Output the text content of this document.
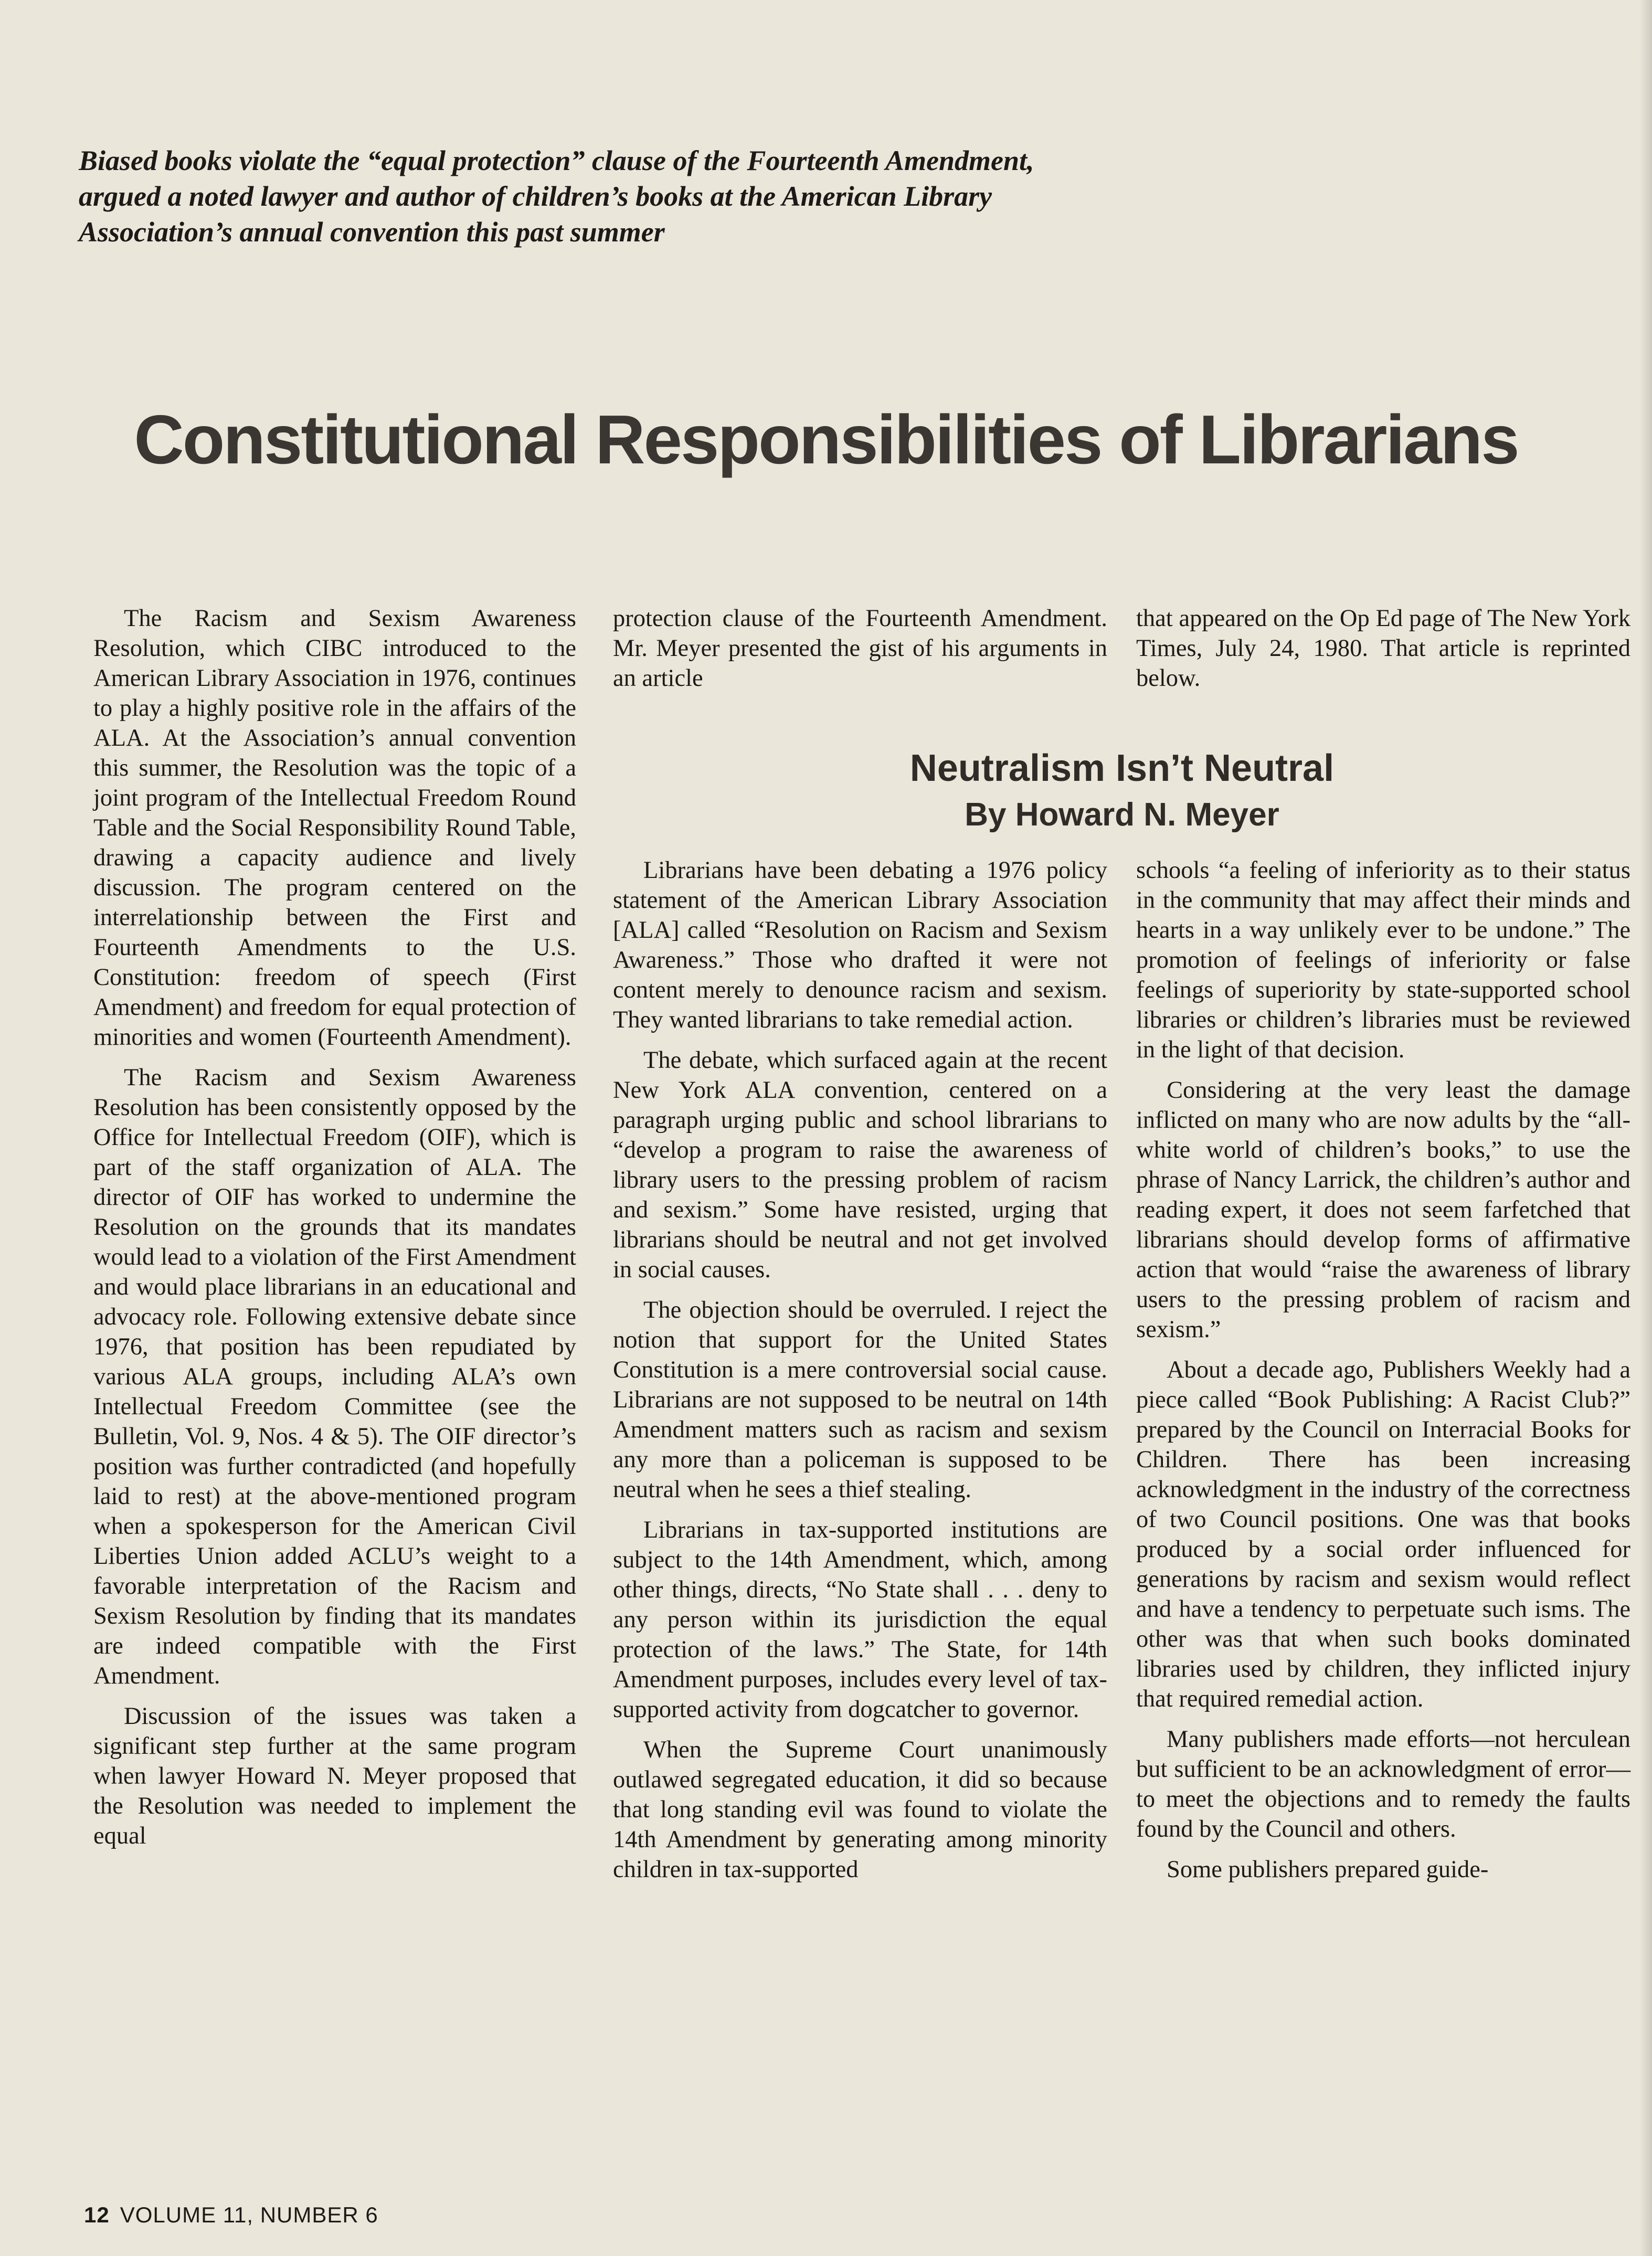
Biased books violate the “equal protection” clause of the Fourteenth Amendment, argued a noted lawyer and author of children’s books at the American Library Association’s annual convention this past summer

Constitutional Responsibilities of Librarians

The Racism and Sexism Awareness Resolution, which CIBC introduced to the American Library Association in 1976, continues to play a highly positive role in the affairs of the ALA. At the Association’s annual convention this summer, the Resolution was the topic of a joint program of the Intellectual Freedom Round Table and the Social Responsibility Round Table, drawing a capacity audience and lively discussion. The program centered on the interrelationship between the First and Fourteenth Amendments to the U.S. Constitution: freedom of speech (First Amendment) and freedom for equal protection of minorities and women (Fourteenth Amendment).

The Racism and Sexism Awareness Resolution has been consistently opposed by the Office for Intellectual Freedom (OIF), which is part of the staff organization of ALA. The director of OIF has worked to undermine the Resolution on the grounds that its mandates would lead to a violation of the First Amendment and would place librarians in an educational and advocacy role. Following extensive debate since 1976, that position has been repudiated by various ALA groups, including ALA’s own Intellectual Freedom Committee (see the Bulletin, Vol. 9, Nos. 4 & 5). The OIF director’s position was further contradicted (and hopefully laid to rest) at the above-mentioned program when a spokesperson for the American Civil Liberties Union added ACLU’s weight to a favorable interpretation of the Racism and Sexism Resolution by finding that its mandates are indeed compatible with the First Amendment.

Discussion of the issues was taken a significant step further at the same program when lawyer Howard N. Meyer proposed that the Resolution was needed to implement the equal

protection clause of the Fourteenth Amendment. Mr. Meyer presented the gist of his arguments in an article

that appeared on the Op Ed page of The New York Times, July 24, 1980. That article is reprinted below.

Neutralism Isn’t Neutral
By Howard N. Meyer

Librarians have been debating a 1976 policy statement of the American Library Association [ALA] called “Resolution on Racism and Sexism Awareness.” Those who drafted it were not content merely to denounce racism and sexism. They wanted librarians to take remedial action.

The debate, which surfaced again at the recent New York ALA convention, centered on a paragraph urging public and school librarians to “develop a program to raise the awareness of library users to the pressing problem of racism and sexism.” Some have resisted, urging that librarians should be neutral and not get involved in social causes.

The objection should be overruled. I reject the notion that support for the United States Constitution is a mere controversial social cause. Librarians are not supposed to be neutral on 14th Amendment matters such as racism and sexism any more than a policeman is supposed to be neutral when he sees a thief stealing.

Librarians in tax-supported institutions are subject to the 14th Amendment, which, among other things, directs, “No State shall . . . deny to any person within its jurisdiction the equal protection of the laws.” The State, for 14th Amendment purposes, includes every level of tax-supported activity from dogcatcher to governor.

When the Supreme Court unanimously outlawed segregated education, it did so because that long standing evil was found to violate the 14th Amendment by generating among minority children in tax-supported

schools “a feeling of inferiority as to their status in the community that may affect their minds and hearts in a way unlikely ever to be undone.” The promotion of feelings of inferiority or false feelings of superiority by state-supported school libraries or children’s libraries must be reviewed in the light of that decision.

Considering at the very least the damage inflicted on many who are now adults by the “all-white world of children’s books,” to use the phrase of Nancy Larrick, the children’s author and reading expert, it does not seem farfetched that librarians should develop forms of affirmative action that would “raise the awareness of library users to the pressing problem of racism and sexism.”

About a decade ago, Publishers Weekly had a piece called “Book Publishing: A Racist Club?” prepared by the Council on Interracial Books for Children. There has been increasing acknowledgment in the industry of the correctness of two Council positions. One was that books produced by a social order influenced for generations by racism and sexism would reflect and have a tendency to perpetuate such isms. The other was that when such books dominated libraries used by children, they inflicted injury that required remedial action.

Many publishers made efforts—not herculean but sufficient to be an acknowledgment of error—to meet the objections and to remedy the faults found by the Council and others.

Some publishers prepared guide-

12 VOLUME 11, NUMBER 6
